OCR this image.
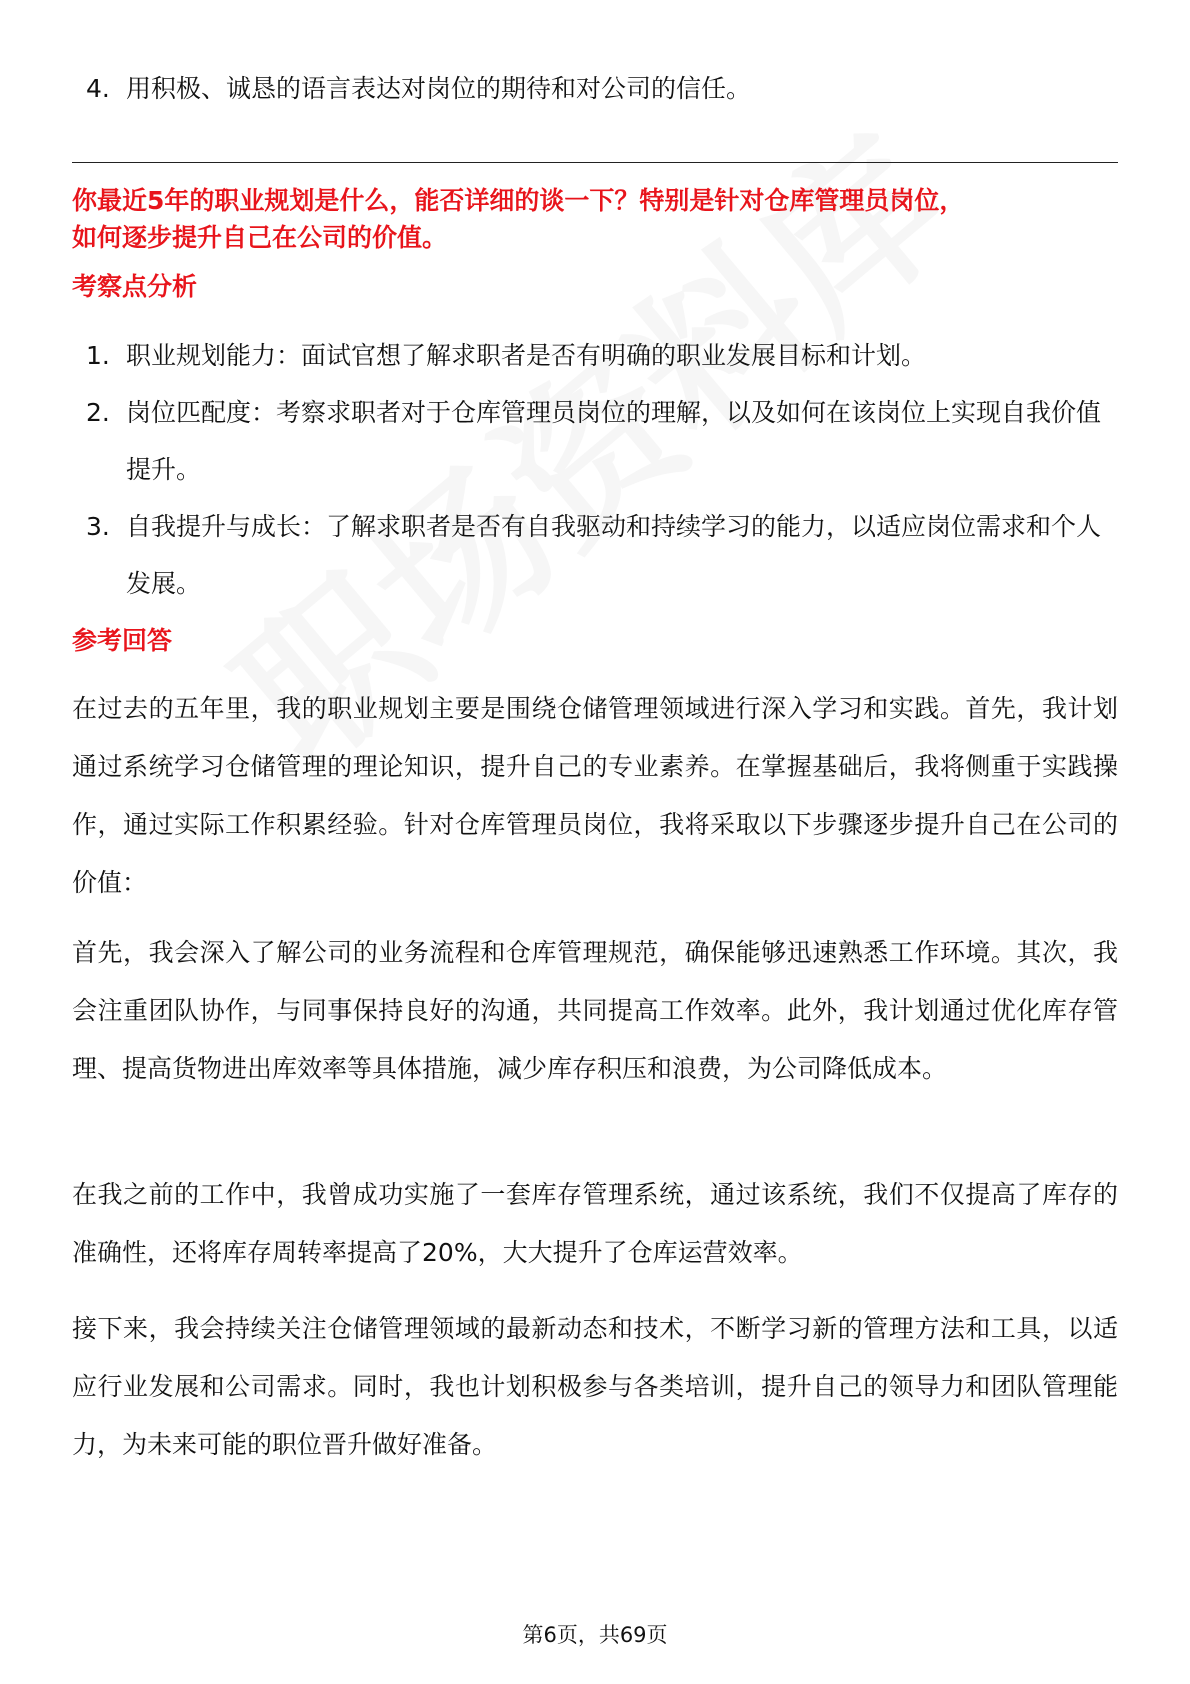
4. 用积极、诚恳的语言表达对岗位的期待和对公司的信任。
你最近5年的职业规划是什么，能否详细的谈一下？特别是针对仓库管理员岗位，
如何逐步提升自己在公司的价值。
考察点分析
1. 职业规划能力：面试官想了解求职者是否有明确的职业发展目标和计划。
2. 岗位匹配度：考察求职者对于仓库管理员岗位的理解，以及如何在该岗位上实现自我价值提升。
3. 自我提升与成长：了解求职者是否有自我驱动和持续学习的能力，以适应岗位需求和个人发展。
参考回答

在过去的五年里，我的职业规划主要是围绕仓储管理领域进行深入学习和实践。首先，我计划通过系统学习仓储管理的理论知识，提升自己的专业素养。在掌握基础后，我将侧重于实践操作，通过实际工作积累经验。针对仓库管理员岗位，我将采取以下步骤逐步提升自己在公司的价值：

首先，我会深入了解公司的业务流程和仓库管理规范，确保能够迅速熟悉工作环境。其次，我会注重团队协作，与同事保持良好的沟通，共同提高工作效率。此外，我计划通过优化库存管理、提高货物进出库效率等具体措施，减少库存积压和浪费，为公司降低成本。

在我之前的工作中，我曾成功实施了一套库存管理系统，通过该系统，我们不仅提高了库存的准确性，还将库存周转率提高了20%，大大提升了仓库运营效率。

接下来，我会持续关注仓储管理领域的最新动态和技术，不断学习新的管理方法和工具，以适应行业发展和公司需求。同时，我也计划积极参与各类培训，提升自己的领导力和团队管理能力，为未来可能的职位晋升做好准备。

第6页，共69页
